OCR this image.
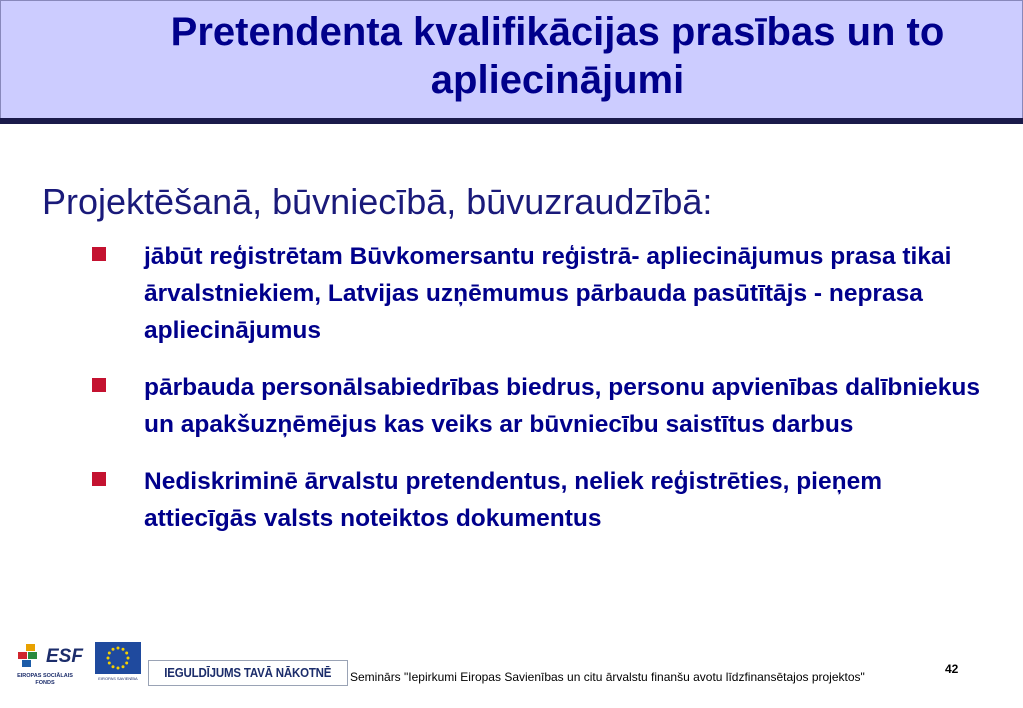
Pretendenta kvalifikācijas prasības un to apliecinājumi
Projektēšanā, būvniecībā, būvuzraudzībā:
jābūt reģistrētam Būvkomersantu reģistrā- apliecinājumus prasa tikai ārvalstniekiem, Latvijas uzņēmumus pārbauda pasūtītājs - neprasa apliecinājumus
pārbauda personālsabiedrības biedrus, personu apvienības dalībniekus un apakšuzņēmējus kas veiks ar būvniecību saistītus darbus
Nediskriminē ārvalstu pretendentus, neliek reģistrēties, pieņem attiecīgās valsts noteiktos dokumentus
ESF
EIROPAS SOCIĀLAIS FONDS
EIROPAS SAVIENĪBA IEGULDĪJUMS TAVĀ NĀKOTNĒ Seminārs "Iepirkumi Eiropas Savienības un citu ārvalstu finanšu avotu līdzfinansētajos projektos"
42
